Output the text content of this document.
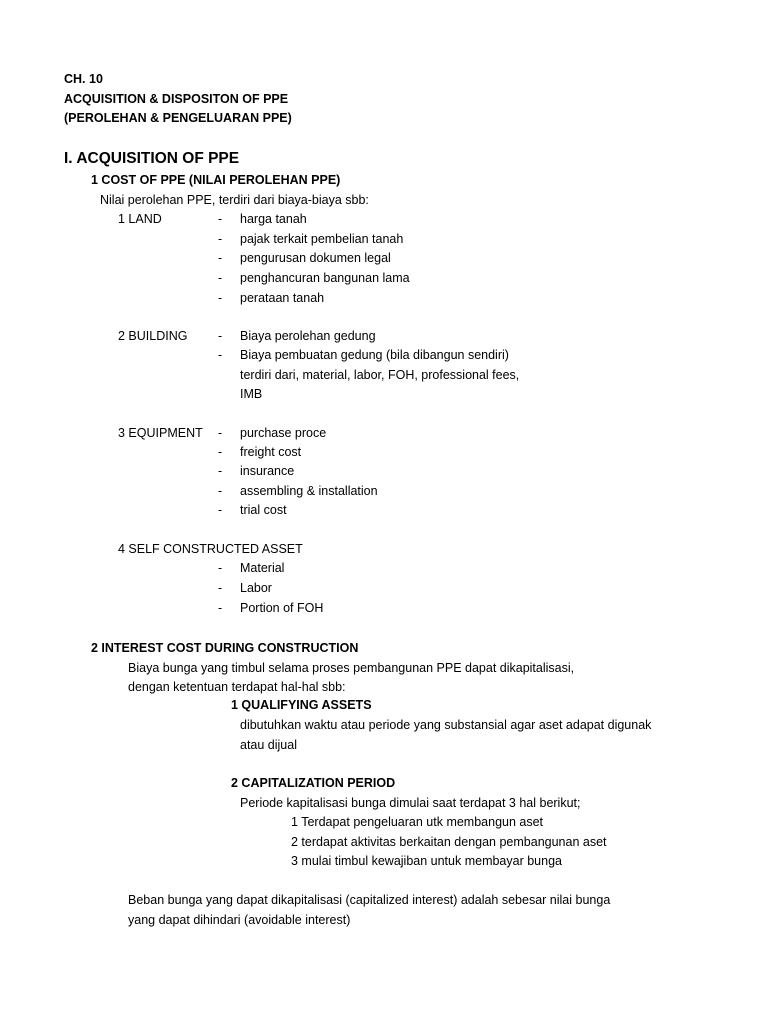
CH. 10
ACQUISITION & DISPOSITON OF PPE
(PEROLEHAN & PENGELUARAN PPE)
I. ACQUISITION OF PPE
1 COST OF PPE (NILAI PEROLEHAN PPE)
Nilai perolehan PPE, terdiri dari biaya-biaya sbb:
1 LAND	- harga tanah
- pajak terkait pembelian tanah
- pengurusan dokumen legal
- penghancuran bangunan lama
- perataan tanah
2 BUILDING - Biaya perolehan gedung
- Biaya pembuatan gedung (bila dibangun sendiri)
terdiri dari, material, labor, FOH, professional fees,
IMB
3 EQUIPMENT - purchase proce
- freight cost
- insurance
- assembling & installation
- trial cost
4 SELF CONSTRUCTED ASSET
- Material
- Labor
- Portion of FOH
2 INTEREST COST DURING CONSTRUCTION
Biaya bunga yang timbul selama proses pembangunan PPE dapat dikapitalisasi,
dengan ketentuan terdapat hal-hal sbb:
1 QUALIFYING ASSETS
dibutuhkan waktu atau periode yang substansial agar aset adapat digunak
atau dijual
2 CAPITALIZATION PERIOD
Periode kapitalisasi bunga dimulai saat terdapat 3 hal berikut;
1 Terdapat pengeluaran utk membangun aset
2 terdapat aktivitas berkaitan dengan pembangunan aset
3 mulai timbul kewajiban untuk membayar bunga
Beban bunga yang dapat dikapitalisasi (capitalized interest) adalah sebesar nilai bunga
yang dapat dihindari (avoidable interest)
